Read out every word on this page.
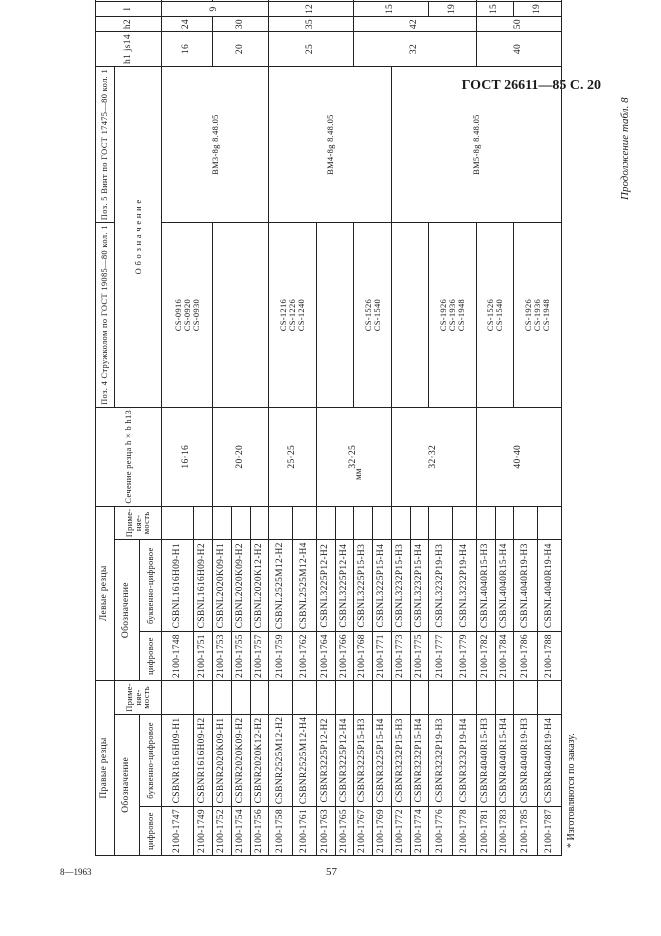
ГОСТ 26611—85 С. 20
мм
Правые резцы			Левые резцы			Сечение резца h × b h13	Поз. 4 Стружколом по ГОСТ 19085—80 кол. 1	Поз. 5 Винт по ГОСТ 17475—80 кол. 1	h1 js14	h2	l			
Обозначение		Приме-
няе-
мость	Обозначение		Приме-
няе-
мость		О б о з н а ч е н и е							
цифровое	буквенно-цифровое		цифровое	буквенно-цифровое										
2100-1747	CSBNR1616H09-H1		2100-1748	CSBNL1616H09-H1		16·16	CS-0916
CS-0920
CS-0930	BM3-8g 8.48.05	16	24	9		

2100-1749	CSBNR1616H09-H2		2100-1751	CSBNL1616H09-H2		
2100-1752	CSBNR2020K09-H1		2100-1753	CSBNL2020K09-H1		20·20			20	30			
2100-1754	CSBNR2020K09-H2		2100-1755	CSBNL2020K09-H2										
2100-1756	CSBNR2020K12-H2		2100-1757	CSBNL2020K12-H2										
2100-1758	CSBNR2525M12-H2		2100-1759	CSBNL2525M12-H2		25·25	CS-1216
CS-1226
CS-1240	BM4-8g 8.48.05	25	35	12			
2100-1761	CSBNR2525M12-H4		2100-1762	CSBNL2525M12-H4										
2100-1763	CSBNR3225P12-H2		2100-1764	CSBNL3225P12-H2		32·25								
2100-1765	CSBNR3225P12-H4		2100-1766	CSBNL3225P12-H4										
2100-1767	CSBNR3225P15-H3		2100-1768	CSBNL3225P15-H3			CS-1526
CS-1540		32	42	15			
2100-1769	CSBNR3225P15-H4		2100-1771	CSBNL3225P15-H4										
2100-1772	CSBNR3232P15-H3		2100-1773	CSBNL3232P15-H3		32·32		BM5-8g 8.48.05	
2100-1774	CSBNR3232P15-H4		2100-1775	CSBNL3232P15-H4										
2100-1776	CSBNR3232P19-H3		2100-1777	CSBNL3232P19-H3			CS-1926
CS-1936
CS-1948				19			
2100-1778	CSBNR3232P19-H4		2100-1779	CSBNL3232P19-H4										
2100-1781	CSBNR4040R15-H3		2100-1782	CSBNL4040R15-H3		40·40	CS-1526
CS-1540		40	50	15			
2100-1783	CSBNR4040R15-H4		2100-1784	CSBNL4040R15-H4										
2100-1785	CSBNR4040R19-H3		2100-1786	CSBNL4040R19-H3			CS-1926
CS-1936
CS-1948				19	
2100-1787	CSBNR4040R19-H4		2100-1788	CSBNL4040R19-H4										
* Изготовляются по заказу.
8—1963	57
Продолжение табл. 8
